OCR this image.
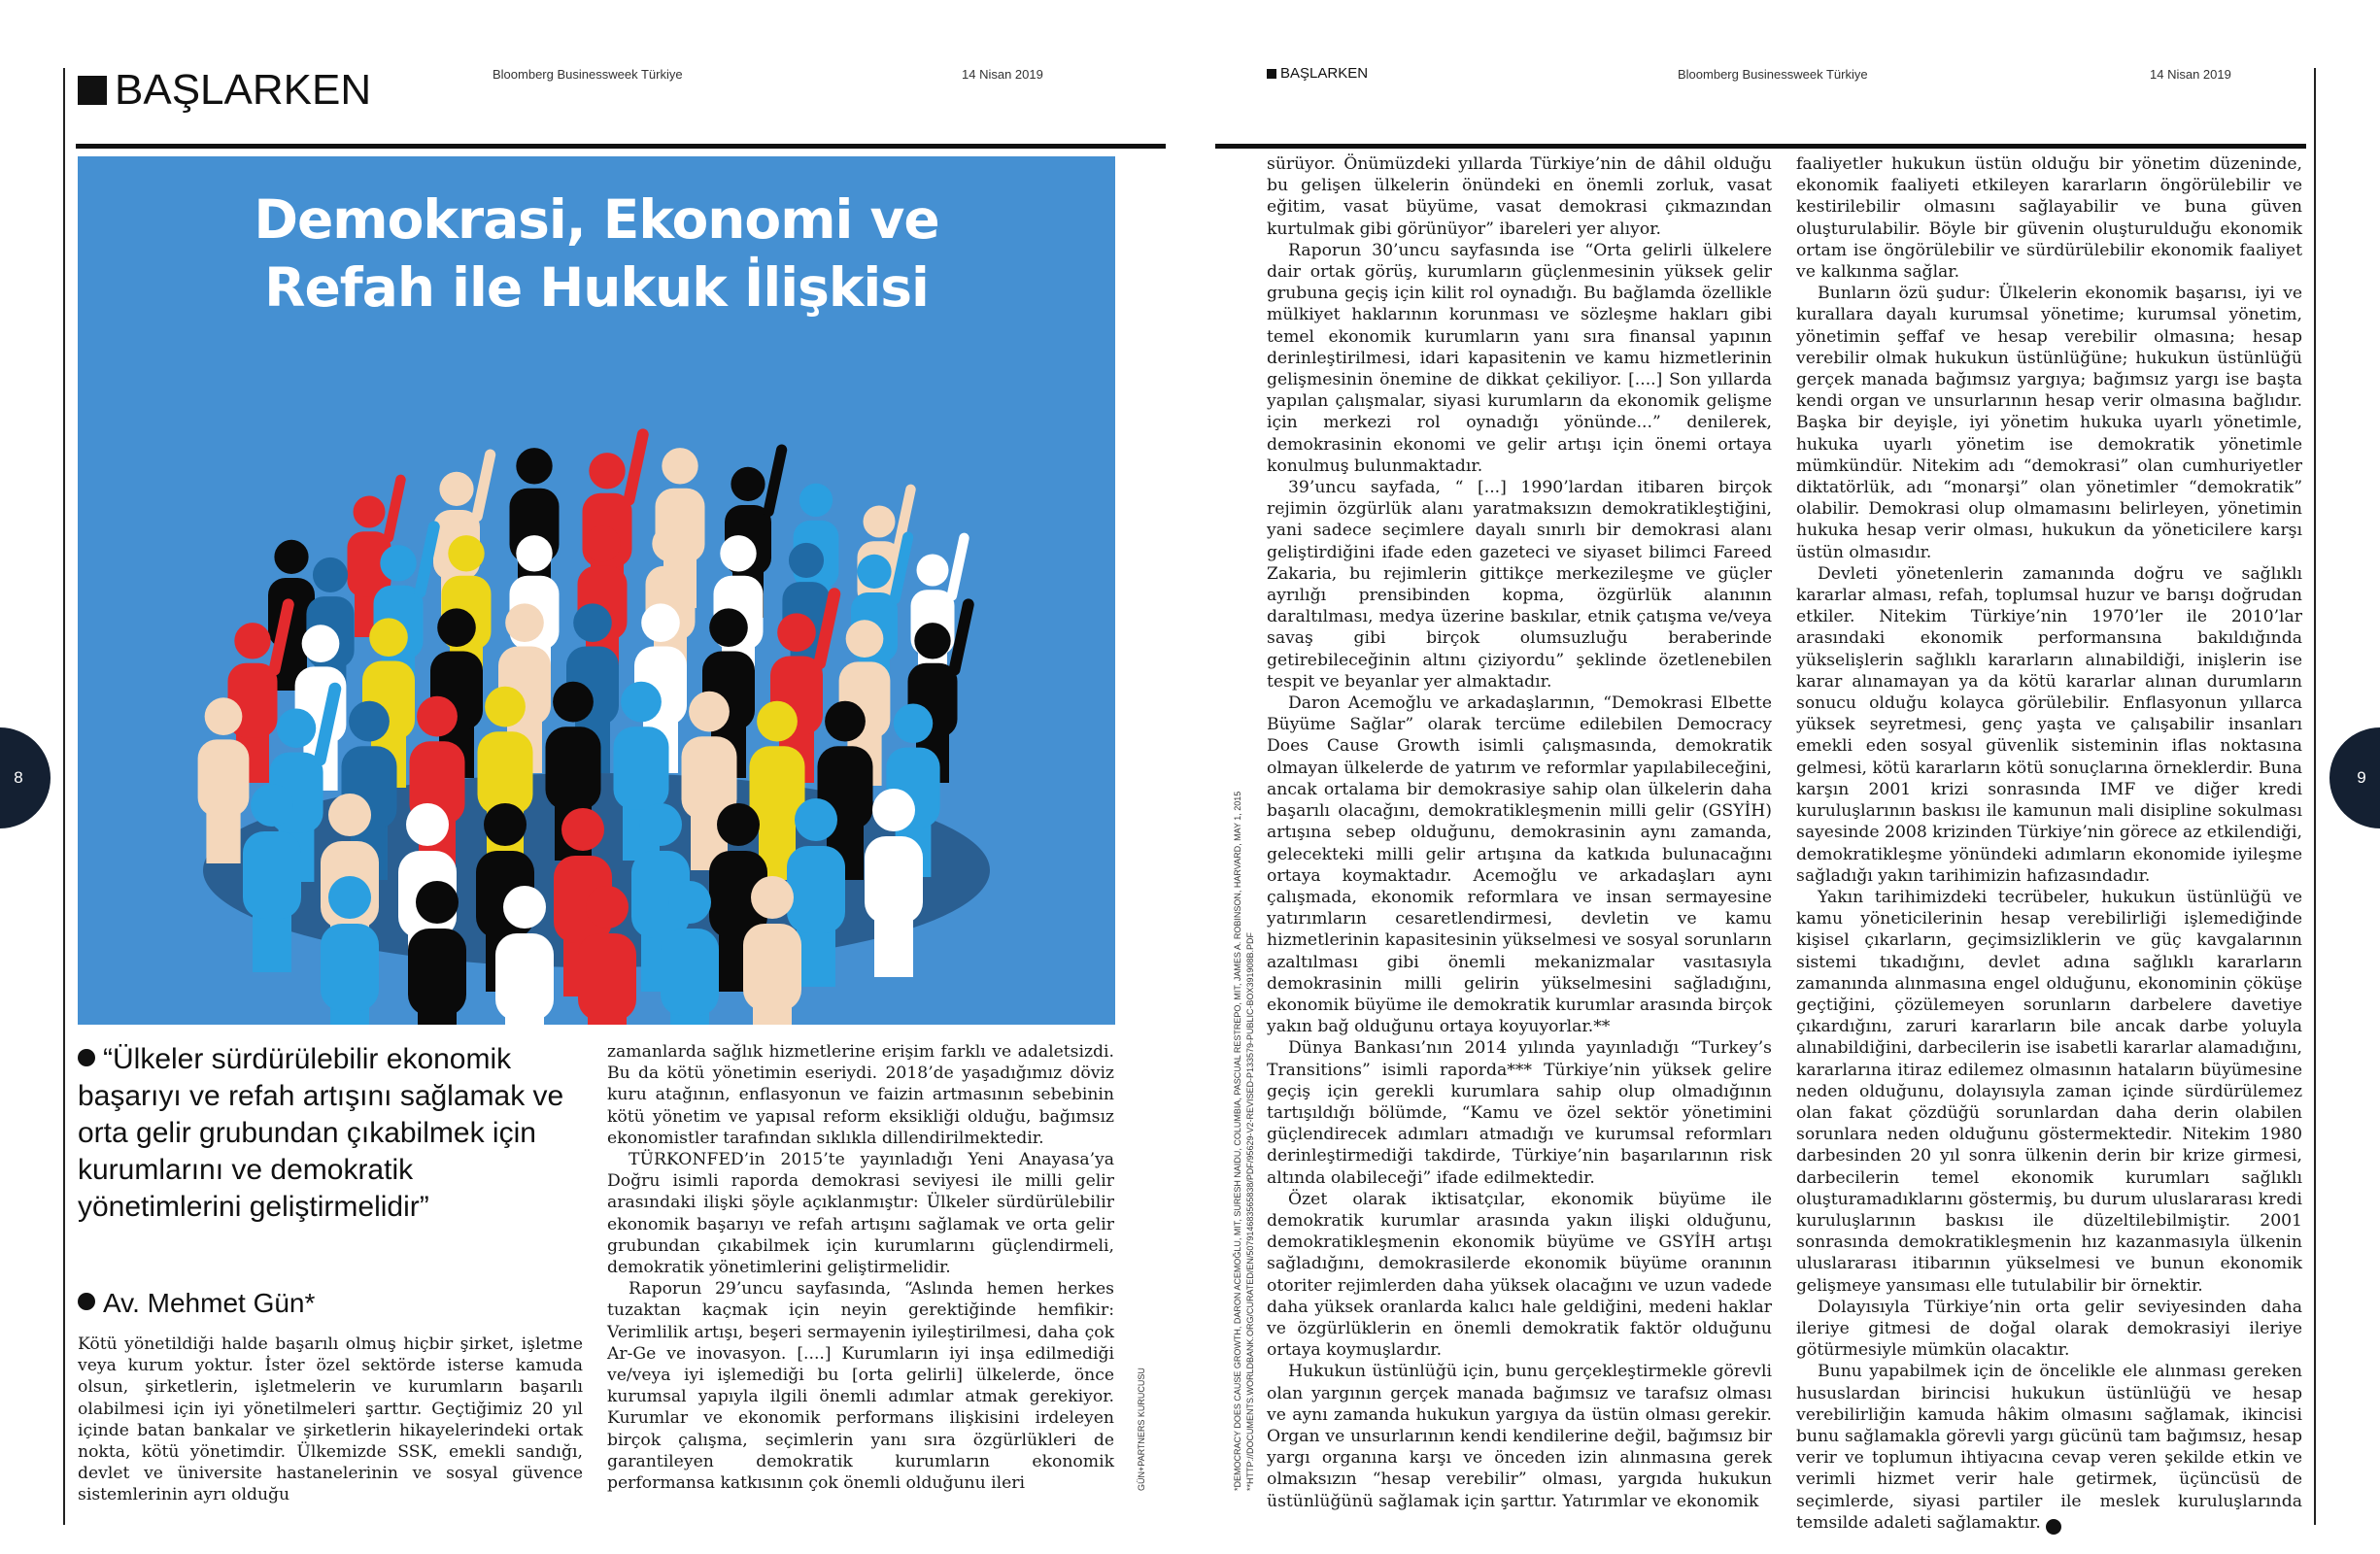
BAŞLARKEN	Bloomberg Businessweek Türkiye	14 Nisan 2019
Demokrasi, Ekonomi ve
Refah ile Hukuk İlişkisi
“Ülkeler sürdürülebilir ekonomik başarıyı ve refah artışını sağlamak ve orta gelir grubundan çıkabilmek için kurumlarını ve demokratik yönetimlerini geliştirmelidir”
Av. Mehmet Gün*

Kötü yönetildiği halde başarılı olmuş hiçbir şirket, işletme veya kurum yoktur. İster özel sektörde isterse kamuda olsun, şirketlerin, işletmelerin ve kurumların başarılı olabilmesi için iyi yönetilmeleri şarttır. Geçtiğimiz 20 yıl içinde batan bankalar ve şirketlerin hikayelerindeki ortak nokta, kötü yönetimdir. Ülkemizde SSK, emekli sandığı, devlet ve üniversite hastanelerinin ve sosyal güvence sistemlerinin ayrı olduğu

zamanlarda sağlık hizmetlerine erişim farklı ve adaletsizdi. Bu da kötü yönetimin eseriydi. 2018’de yaşadığımız döviz kuru atağının, enflasyonun ve faizin artmasının sebebinin kötü yönetim ve yapısal reform eksikliği olduğu, bağımsız ekonomistler tarafından sıklıkla dillendirilmektedir.

TÜRKONFED’in 2015’te yayınladığı Yeni Anayasa’ya Doğru isimli raporda demokrasi seviyesi ile milli gelir arasındaki ilişki şöyle açıklanmıştır: Ülkeler sürdürülebilir ekonomik başarıyı ve refah artışını sağlamak ve orta gelir grubundan çıkabilmek için kurumlarını güçlendirmeli, demokratik yönetimlerini geliştirmelidir.

Raporun 29’uncu sayfasında, “Aslında hemen herkes tuzaktan kaçmak için neyin gerektiğinde hemfikir: Verimlilik artışı, beşeri sermayenin iyileştirilmesi, daha çok Ar-Ge ve inovasyon. [....] Kurumların iyi inşa edilmediği ve/veya iyi işlemediği bu [orta gelirli] ülkelerde, önce kurumsal yapıyla ilgili önemli adımlar atmak gerekiyor. Kurumlar ve ekonomik performans ilişkisini irdeleyen birçok çalışma, seçimlerin yanı sıra özgürlükleri de garantileyen demokratik kurumların ekonomik performansa katkısının çok önemli olduğunu ileri	GÜN+PARTNERS KURUCUSU
8
BAŞLARKEN	Bloomberg Businessweek Türkiye	14 Nisan 2019
*DEMOCRACY DOES CAUSE GROWTH, DARON ACEMOĞLU, MIT, SURESH NAIDU, COLUMBIA, PASCUAL RESTREPO, MIT, JAMES A. ROBINSON, HARVARD, MAY 1, 2015 **HTTP://DOCUMENTS.WORLDBANK.ORG/CURATED/EN/507914683565838/PDF/95629-V2-REVISED-P133579-PUBLIC-BOX391908B.PDF

sürüyor. Önümüzdeki yıllarda Türkiye’nin de dâhil olduğu bu gelişen ülkelerin önündeki en önemli zorluk, vasat eğitim, vasat büyüme, vasat demokrasi çıkmazından kurtulmak gibi görünüyor” ibareleri yer alıyor.

Raporun 30’uncu sayfasında ise “Orta gelirli ülkelere dair ortak görüş, kurumların güçlenmesinin yüksek gelir grubuna geçiş için kilit rol oynadığı. Bu bağlamda özellikle mülkiyet haklarının korunması ve sözleşme hakları gibi temel ekonomik kurumların yanı sıra finansal yapının derinleştirilmesi, idari kapasitenin ve kamu hizmetlerinin gelişmesinin önemine de dikkat çekiliyor. [....] Son yıllarda yapılan çalışmalar, siyasi kurumların da ekonomik gelişme için merkezi rol oynadığı yönünde...” denilerek, demokrasinin ekonomi ve gelir artışı için önemi ortaya konulmuş bulunmaktadır.

39’uncu sayfada, “ [...] 1990’lardan itibaren birçok rejimin özgürlük alanı yaratmaksızın demokratikleştiğini, yani sadece seçimlere dayalı sınırlı bir demokrasi alanı geliştirdiğini ifade eden gazeteci ve siyaset bilimci Fareed Zakaria, bu rejimlerin gittikçe merkezileşme ve güçler ayrılığı prensibinden kopma, özgürlük alanının daraltılması, medya üzerine baskılar, etnik çatışma ve/veya savaş gibi birçok olumsuzluğu beraberinde getirebileceğinin altını çiziyordu” şeklinde özetlenebilen tespit ve beyanlar yer almaktadır.

Daron Acemoğlu ve arkadaşlarının, “Demokrasi Elbette Büyüme Sağlar” olarak tercüme edilebilen Democracy Does Cause Growth isimli çalışmasında, demokratik olmayan ülkelerde de yatırım ve reformlar yapılabileceğini, ancak ortalama bir demokrasiye sahip olan ülkelerin daha başarılı olacağını, demokratikleşmenin milli gelir (GSYİH) artışına sebep olduğunu, demokrasinin aynı zamanda, gelecekteki milli gelir artışına da katkıda bulunacağını ortaya koymaktadır. Acemoğlu ve arkadaşları aynı çalışmada, ekonomik reformlara ve insan sermayesine yatırımların cesaretlendirmesi, devletin ve kamu hizmetlerinin kapasitesinin yükselmesi ve sosyal sorunların azaltılması gibi önemli mekanizmalar vasıtasıyla demokrasinin milli gelirin yükselmesini sağladığını, ekonomik büyüme ile demokratik kurumlar arasında birçok yakın bağ olduğunu ortaya koyuyorlar.**

Dünya Bankası’nın 2014 yılında yayınladığı “Turkey’s Transitions” isimli raporda*** Türkiye’nin yüksek gelire geçiş için gerekli kurumlara sahip olup olmadığının tartışıldığı bölümde, “Kamu ve özel sektör yönetimini güçlendirecek adımları atmadığı ve kurumsal reformları derinleştirmediği takdirde, Türkiye’nin başarılarının risk altında olabileceği” ifade edilmektedir.

Özet olarak iktisatçılar, ekonomik büyüme ile demokratik kurumlar arasında yakın ilişki olduğunu, demokratikleşmenin ekonomik büyüme ve GSYİH artışı sağladığını, demokrasilerde ekonomik büyüme oranının otoriter rejimlerden daha yüksek olacağını ve uzun vadede daha yüksek oranlarda kalıcı hale geldiğini, medeni haklar ve özgürlüklerin en önemli demokratik faktör olduğunu ortaya koymuşlardır.

Hukukun üstünlüğü için, bunu gerçekleştirmekle görevli olan yargının gerçek manada bağımsız ve tarafsız olması ve aynı zamanda hukukun yargıya da üstün olması gerekir. Organ ve unsurlarının kendi kendilerine değil, bağımsız bir yargı organına karşı ve önceden izin alınmasına gerek olmaksızın “hesap verebilir” olması, yargıda hukukun üstünlüğünü sağlamak için şarttır. Yatırımlar ve ekonomik

faaliyetler hukukun üstün olduğu bir yönetim düzeninde, ekonomik faaliyeti etkileyen kararların öngörülebilir ve kestirilebilir olmasını sağlayabilir ve buna güven oluşturulabilir. Böyle bir güvenin oluşturulduğu ekonomik ortam ise öngörülebilir ve sürdürülebilir ekonomik faaliyet ve kalkınma sağlar.

Bunların özü şudur: Ülkelerin ekonomik başarısı, iyi ve kurallara dayalı kurumsal yönetime; kurumsal yönetim, yönetimin şeffaf ve hesap verebilir olmasına; hesap verebilir olmak hukukun üstünlüğüne; hukukun üstünlüğü gerçek manada bağımsız yargıya; bağımsız yargı ise başta kendi organ ve unsurlarının hesap verir olmasına bağlıdır. Başka bir deyişle, iyi yönetim hukuka uyarlı yönetimle, hukuka uyarlı yönetim ise demokratik yönetimle mümkündür. Nitekim adı “demokrasi” olan cumhuriyetler diktatörlük, adı “monarşi” olan yönetimler “demokratik” olabilir. Demokrasi olup olmamasını belirleyen, yönetimin hukuka hesap verir olması, hukukun da yöneticilere karşı üstün olmasıdır.

Devleti yönetenlerin zamanında doğru ve sağlıklı kararlar alması, refah, toplumsal huzur ve barışı doğrudan etkiler. Nitekim Türkiye’nin 1970’ler ile 2010’lar arasındaki ekonomik performansına bakıldığında yükselişlerin sağlıklı kararların alınabildiği, inişlerin ise karar alınamayan ya da kötü kararlar alınan durumların sonucu olduğu kolayca görülebilir. Enflasyonun yıllarca yüksek seyretmesi, genç yaşta ve çalışabilir insanları emekli eden sosyal güvenlik sisteminin iflas noktasına gelmesi, kötü kararların kötü sonuçlarına örneklerdir. Buna karşın 2001 krizi sonrasında IMF ve diğer kredi kuruluşlarının baskısı ile kamunun mali disipline sokulması sayesinde 2008 krizinden Türkiye’nin görece az etkilendiği, demokratikleşme yönündeki adımların ekonomide iyileşme sağladığı yakın tarihimizin hafızasındadır.

Yakın tarihimizdeki tecrübeler, hukukun üstünlüğü ve kamu yöneticilerinin hesap verebilirliği işlemediğinde kişisel çıkarların, geçimsizliklerin ve güç kavgalarının sistemi tıkadığını, devlet adına sağlıklı kararların zamanında alınmasına engel olduğunu, ekonominin çöküşe geçtiğini, çözülemeyen sorunların darbelere davetiye çıkardığını, zaruri kararların bile ancak darbe yoluyla alınabildiğini, darbecilerin ise isabetli kararlar alamadığını, kararlarına itiraz edilemez olmasının hataların büyümesine neden olduğunu, dolayısıyla zaman içinde sürdürülemez olan fakat çözdüğü sorunlardan daha derin olabilen sorunlara neden olduğunu göstermektedir. Nitekim 1980 darbesinden 20 yıl sonra ülkenin derin bir krize girmesi, darbecilerin temel ekonomik kurumları sağlıklı oluşturamadıklarını göstermiş, bu durum uluslararası kredi kuruluşlarının baskısı ile düzeltilebilmiştir. 2001 sonrasında demokratikleşmenin hız kazanmasıyla ülkenin uluslararası itibarının yükselmesi ve bunun ekonomik gelişmeye yansıması elle tutulabilir bir örnektir.

Dolayısıyla Türkiye’nin orta gelir seviyesinden daha ileriye gitmesi de doğal olarak demokrasiyi ileriye götürmesiyle mümkün olacaktır.

Bunu yapabilmek için de öncelikle ele alınması gereken hususlardan birincisi hukukun üstünlüğü ve hesap verebilirliğin kamuda hâkim olmasını sağlamak, ikincisi bunu sağlamakla görevli yargı gücünü tam bağımsız, hesap verir ve toplumun ihtiyacına cevap veren şekilde etkin ve verimli hizmet verir hale getirmek, üçüncüsü de seçimlerde, siyasi partiler ile meslek kuruluşlarında temsilde adaleti sağlamaktır. B

9
